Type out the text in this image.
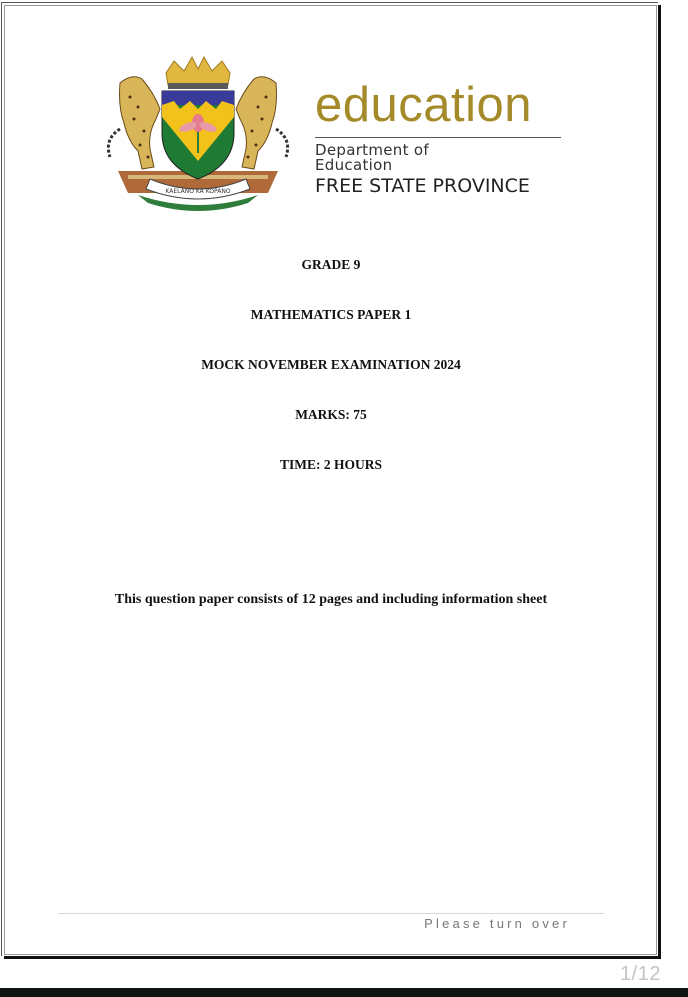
KAELANO KA KOPANO
education
Department of
Education
FREE STATE PROVINCE
GRADE 9
MATHEMATICS PAPER 1
MOCK NOVEMBER EXAMINATION 2024
MARKS: 75
TIME: 2 HOURS
This question paper consists of 12 pages and including information sheet
Please turn over
1/12
